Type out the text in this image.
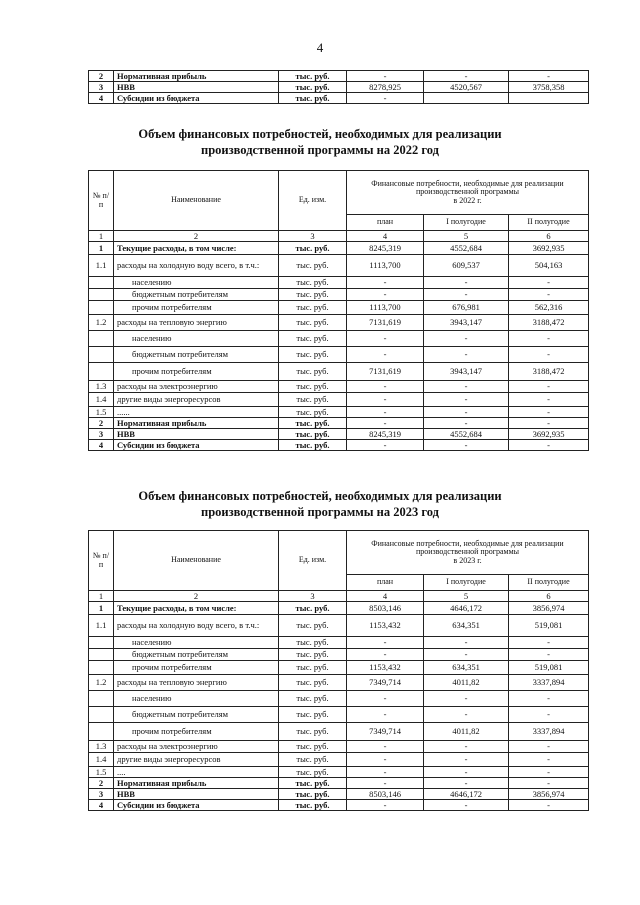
4
2	Нормативная прибыль	тыс. руб.	-	-	-
3	НВВ	тыс. руб.	8278,925	4520,567	3758,358
4	Субсидии из бюджета	тыс. руб.	-		
Объем финансовых потребностей, необходимых для реализации
производственной программы на 2022 год
№ п/п	Наименование	Ед. изм.	Финансовые потребности, необходимые для реализации
производственной программы
в 2022 г.		

			план	I полугодие	II полугодие
1	2	3	4	5	6
1	Текущие расходы, в том числе:	тыс. руб.	8245,319	4552,684	3692,935
1.1	расходы на холодную воду всего, в т.ч.:	тыс. руб.	1113,700	609,537	504,163
	населению	тыс. руб.	-	-	-
	бюджетным потребителям	тыс. руб.	-	-	-
	прочим потребителям	тыс. руб.	1113,700	676,981	562,316
1.2	расходы на тепловую энергию	тыс. руб.	7131,619	3943,147	3188,472
	населению	тыс. руб.	-	-	-
	бюджетным потребителям	тыс. руб.	-	-	-
	прочим потребителям	тыс. руб.	7131,619	3943,147	3188,472
1.3	расходы на электроэнергию	тыс. руб.	-	-	-
1.4	другие виды энергоресурсов	тыс. руб.	-	-	-
1.5	......	тыс. руб.	-	-	-
2	Нормативная прибыль	тыс. руб.	-	-	-
3	НВВ	тыс. руб.	8245,319	4552,684	3692,935
4	Субсидии из бюджета	тыс. руб.	-	-	-
Объем финансовых потребностей, необходимых для реализации
производственной программы на 2023 год
№ п/п	Наименование	Ед. изм.	Финансовые потребности, необходимые для реализации
производственной программы
в 2023 г.		

			план	I полугодие	II полугодие
1	2	3	4	5	6
1	Текущие расходы, в том числе:	тыс. руб.	8503,146	4646,172	3856,974
1.1	расходы на холодную воду всего, в т.ч.:	тыс. руб.	1153,432	634,351	519,081
	населению	тыс. руб.	-	-	-
	бюджетным потребителям	тыс. руб.	-	-	-
	прочим потребителям	тыс. руб.	1153,432	634,351	519,081
1.2	расходы на тепловую энергию	тыс. руб.	7349,714	4011,82	3337,894
	населению	тыс. руб.	-	-	-
	бюджетным потребителям	тыс. руб.	-	-	-
	прочим потребителям	тыс. руб.	7349,714	4011,82	3337,894
1.3	расходы на электроэнергию	тыс. руб.	-	-	-
1.4	другие виды энергоресурсов	тыс. руб.	-	-	-
1.5	....	тыс. руб.	-	-	-
2	Нормативная прибыль	тыс. руб.	-	-	-
3	НВВ	тыс. руб.	8503,146	4646,172	3856,974
4	Субсидии из бюджета	тыс. руб.	-	-	-
